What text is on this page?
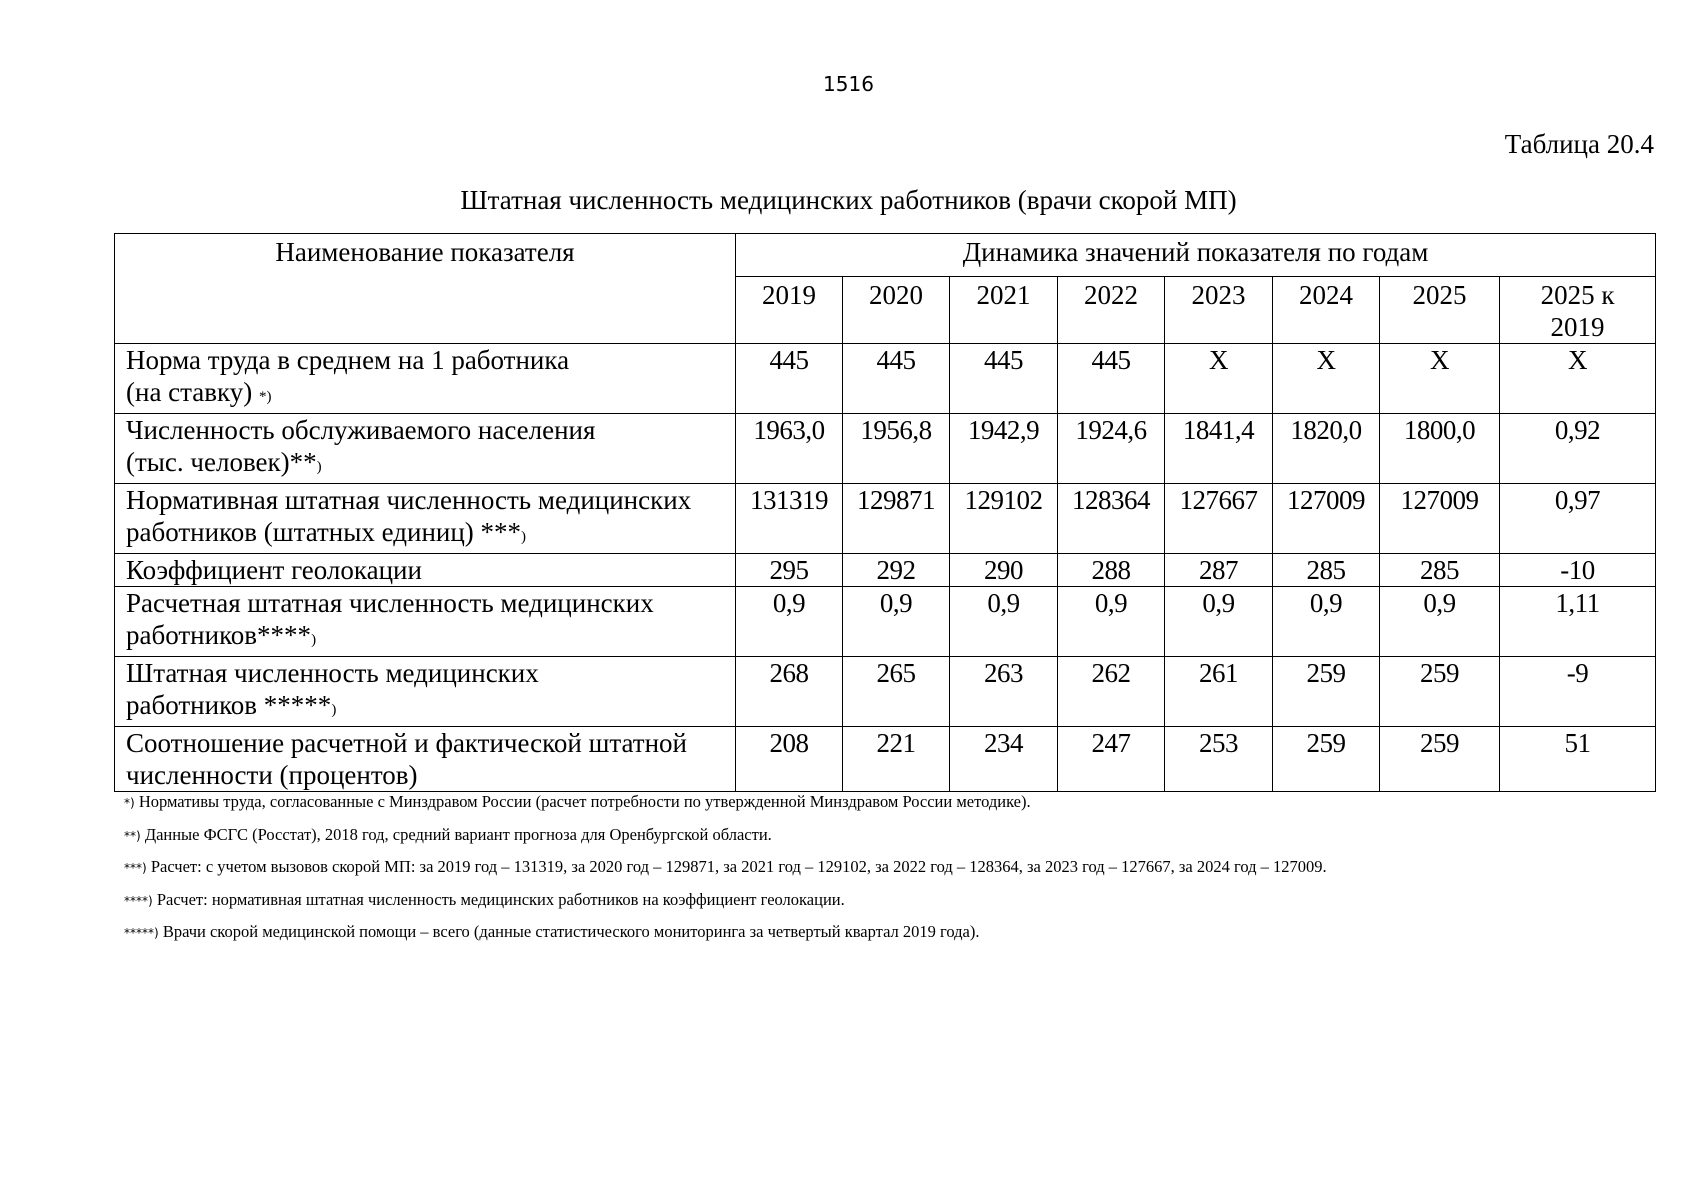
1516
Таблица 20.4
Штатная численность медицинских работников (врачи скорой МП)
Наименование показателя	Динамика значений показателя по годам							
	2019	2020	2021	2022	2023	2024	2025	2025 к
2019
Норма труда в среднем на 1 работника
(на ставку) *)	445	445	445	445	X	X	X	X
Численность обслуживаемого населения
(тыс. человек)**)	1963,0	1956,8	1942,9	1924,6	1841,4	1820,0	1800,0	0,92
Нормативная штатная численность медицинских
работников (штатных единиц) ***)	131319	129871	129102	128364	127667	127009	127009	0,97
Коэффициент геолокации	295	292	290	288	287	285	285	-10
Расчетная штатная численность медицинских
работников****)	0,9	0,9	0,9	0,9	0,9	0,9	0,9	1,11
Штатная численность медицинских
работников *****)	268	265	263	262	261	259	259	-9
Соотношение расчетной и фактической штатной
численности (процентов)	208	221	234	247	253	259	259	51
*) Нормативы труда, согласованные с Минздравом России (расчет потребности по утвержденной Минздравом России методике).
**) Данные ФСГС (Росстат), 2018 год, средний вариант прогноза для Оренбургской области.
***) Расчет: с учетом вызовов скорой МП: за 2019 год – 131319, за 2020 год – 129871, за 2021 год – 129102, за 2022 год – 128364, за 2023 год – 127667, за 2024 год – 127009.
****) Расчет: нормативная штатная численность медицинских работников на коэффициент геолокации.
*****) Врачи скорой медицинской помощи – всего (данные статистического мониторинга за четвертый квартал 2019 года).
